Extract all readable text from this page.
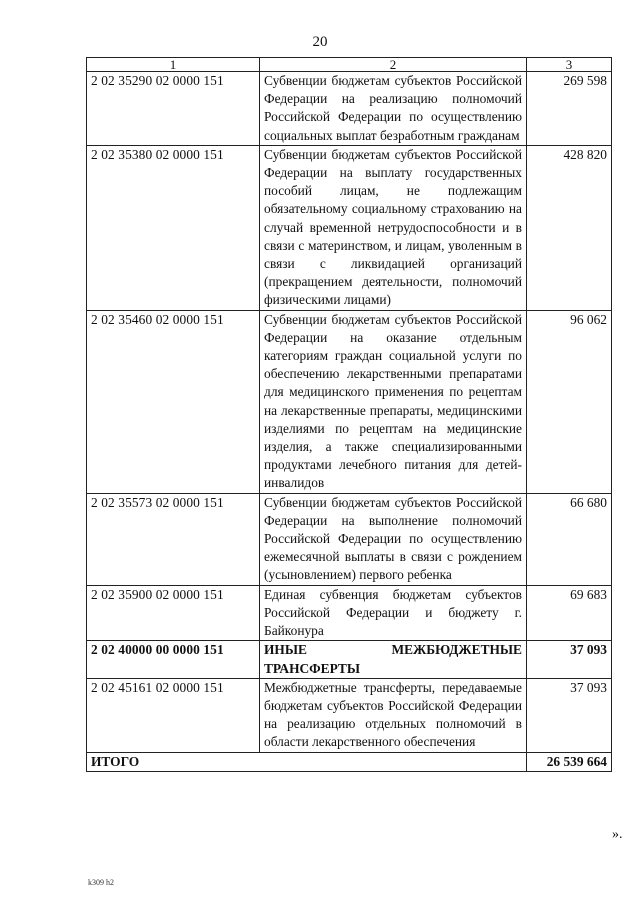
20
1	2	3
2 02 35290 02 0000 151	Субвенции бюджетам субъектов Российской Федерации на реализацию полномочий Российской Федерации по осуществлению социальных выплат безработным гражданам	269 598
2 02 35380 02 0000 151	Субвенции бюджетам субъектов Российской Федерации на выплату государственных пособий лицам, не подлежащим обязательному социальному страхованию на случай временной нетрудоспособности и в связи с материнством, и лицам, уволенным в связи с ликвидацией организаций (прекращением деятельности, полномочий физическими лицами)	428 820
2 02 35460 02 0000 151	Субвенции бюджетам субъектов Российской Федерации на оказание отдельным категориям граждан социальной услуги по обеспечению лекарственными препаратами для медицинского применения по рецептам на лекарственные препараты, медицинскими изделиями по рецептам на медицинские изделия, а также специализированными продуктами лечебного питания для детей-инвалидов	96 062
2 02 35573 02 0000 151	Субвенции бюджетам субъектов Российской Федерации на выполнение полномочий Российской Федерации по осуществлению ежемесячной выплаты в связи с рождением (усыновлением) первого ребенка	66 680
2 02 35900 02 0000 151	Единая субвенция бюджетам субъектов Российской Федерации и бюджету г. Байконура	69 683
2 02 40000 00 0000 151	ИНЫЕ МЕЖБЮДЖЕТНЫЕ ТРАНСФЕРТЫ	37 093
2 02 45161 02 0000 151	Межбюджетные трансферты, передаваемые бюджетам субъектов Российской Федерации на реализацию отдельных полномочий в области лекарственного обеспечения	37 093
ИТОГО		26 539 664
».
k309 h2
